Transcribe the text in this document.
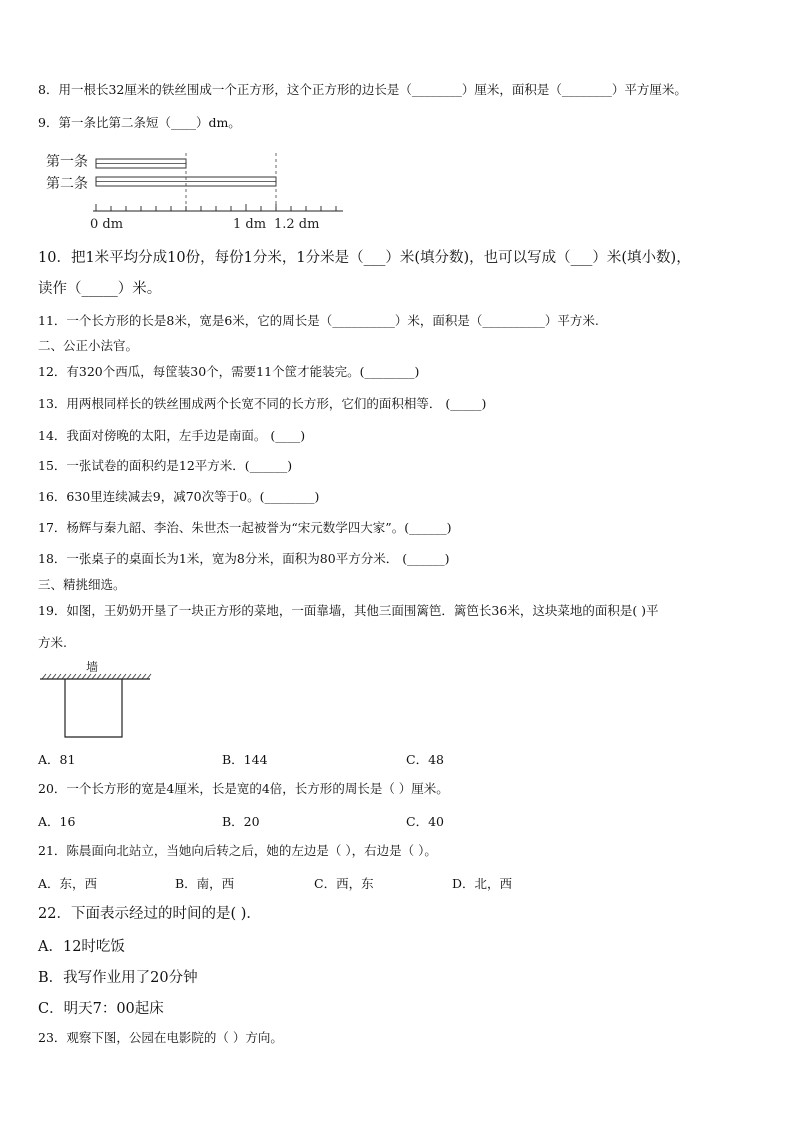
8．用一根长32厘米的铁丝围成一个正方形，这个正方形的边长是（________）厘米，面积是（________）平方厘米。
9．第一条比第二条短（____）dm。
第一条
第二条
0 dm	1 dm 1.2 dm
10．把1米平均分成10份，每份1分米，1分米是（___）米(填分数)，也可以写成（___）米(填小数)，
读作（_____）米。
11．一个长方形的长是8米，宽是6米，它的周长是（__________）米，面积是（__________）平方米.
二、公正小法官。
12．有320个西瓜，每筐装30个，需要11个筐才能装完。(________)
13．用两根同样长的铁丝围成两个长宽不同的长方形，它们的面积相等． (_____)
14．我面对傍晚的太阳，左手边是南面。 (____)
15．一张试卷的面积约是12平方米．(______)
16．630里连续减去9，减70次等于0。(________)
17．杨辉与秦九韶、李治、朱世杰一起被誉为“宋元数学四大家”。(______)
18．一张桌子的桌面长为1米，宽为8分米，面积为80平方分米． (______)
三、精挑细选。
19．如图，王奶奶开垦了一块正方形的菜地，一面靠墙，其他三面围篱笆．篱笆长36米，这块菜地的面积是( )平
方米.
墙
A．81	B．144	C．48
20．一个长方形的宽是4厘米，长是宽的4倍，长方形的周长是（ ）厘米。
A．16	B．20	C．40
21．陈晨面向北站立，当她向后转之后，她的左边是（ ），右边是（ ）。
A．东，西	B．南，西	C．西，东	D．北，西
22．下面表示经过的时间的是( )．
A．12时吃饭
B．我写作业用了20分钟
C．明天7：00起床
23．观察下图，公园在电影院的（ ）方向。
